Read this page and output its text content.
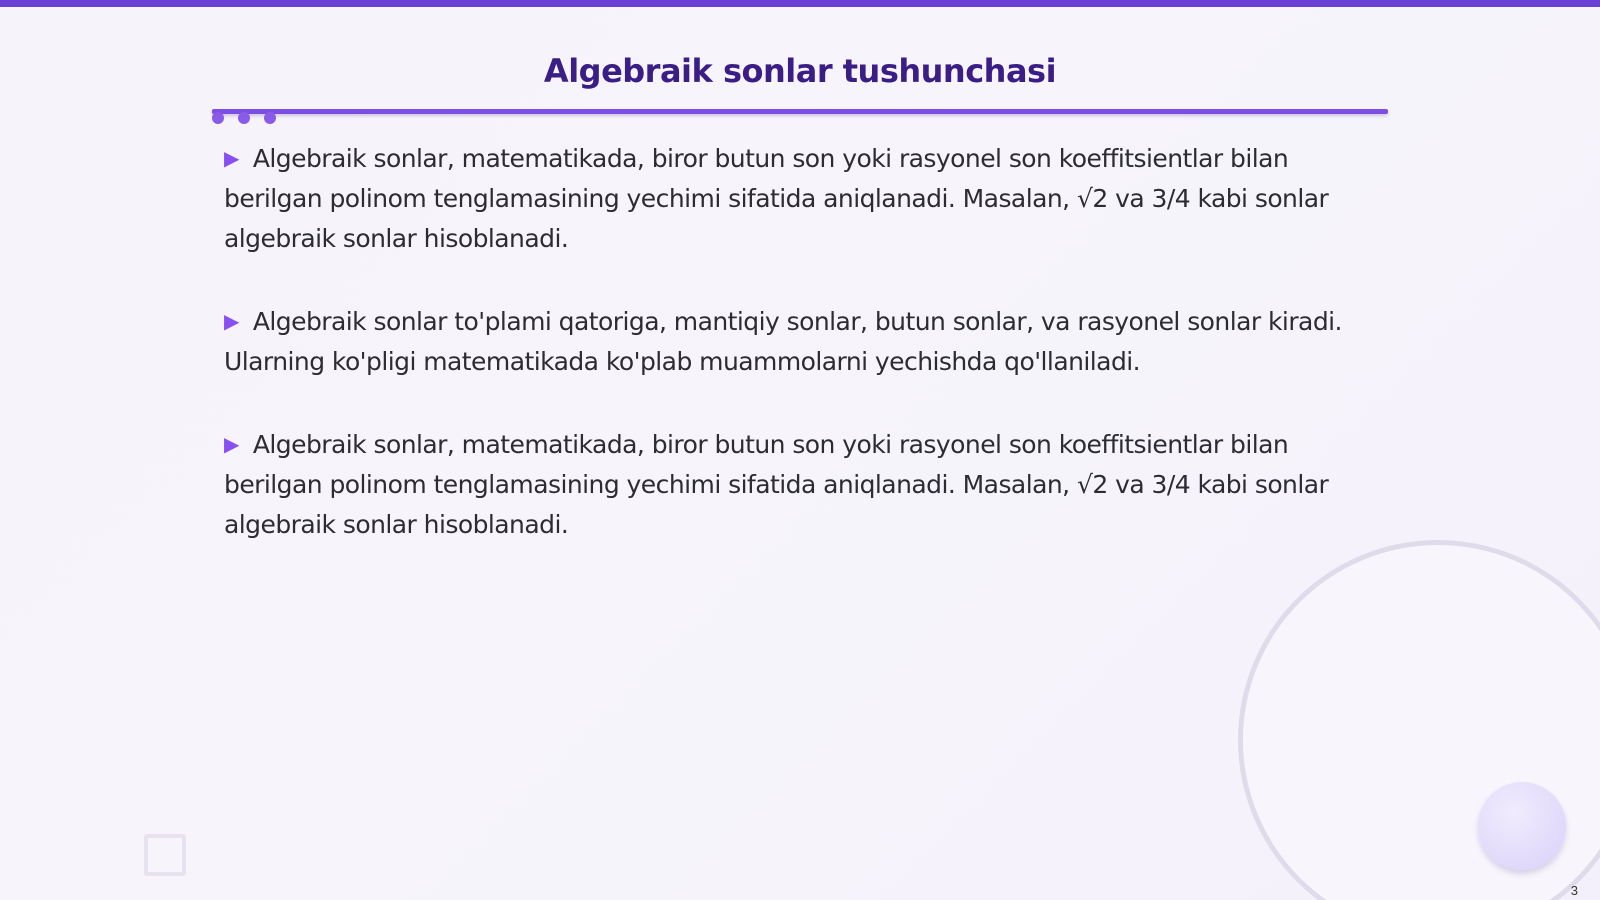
Algebraik sonlar tushunchasi
▶ Algebraik sonlar, matematikada, biror butun son yoki rasyonel son koeffitsientlar bilan berilgan polinom tenglamasining yechimi sifatida aniqlanadi. Masalan, √2 va 3/4 kabi sonlar algebraik sonlar hisoblanadi.
▶ Algebraik sonlar to'plami qatoriga, mantiqiy sonlar, butun sonlar, va rasyonel sonlar kiradi. Ularning ko'pligi matematikada ko'plab muammolarni yechishda qo'llaniladi.
▶ Algebraik sonlar, matematikada, biror butun son yoki rasyonel son koeffitsientlar bilan berilgan polinom tenglamasining yechimi sifatida aniqlanadi. Masalan, √2 va 3/4 kabi sonlar algebraik sonlar hisoblanadi.
3
